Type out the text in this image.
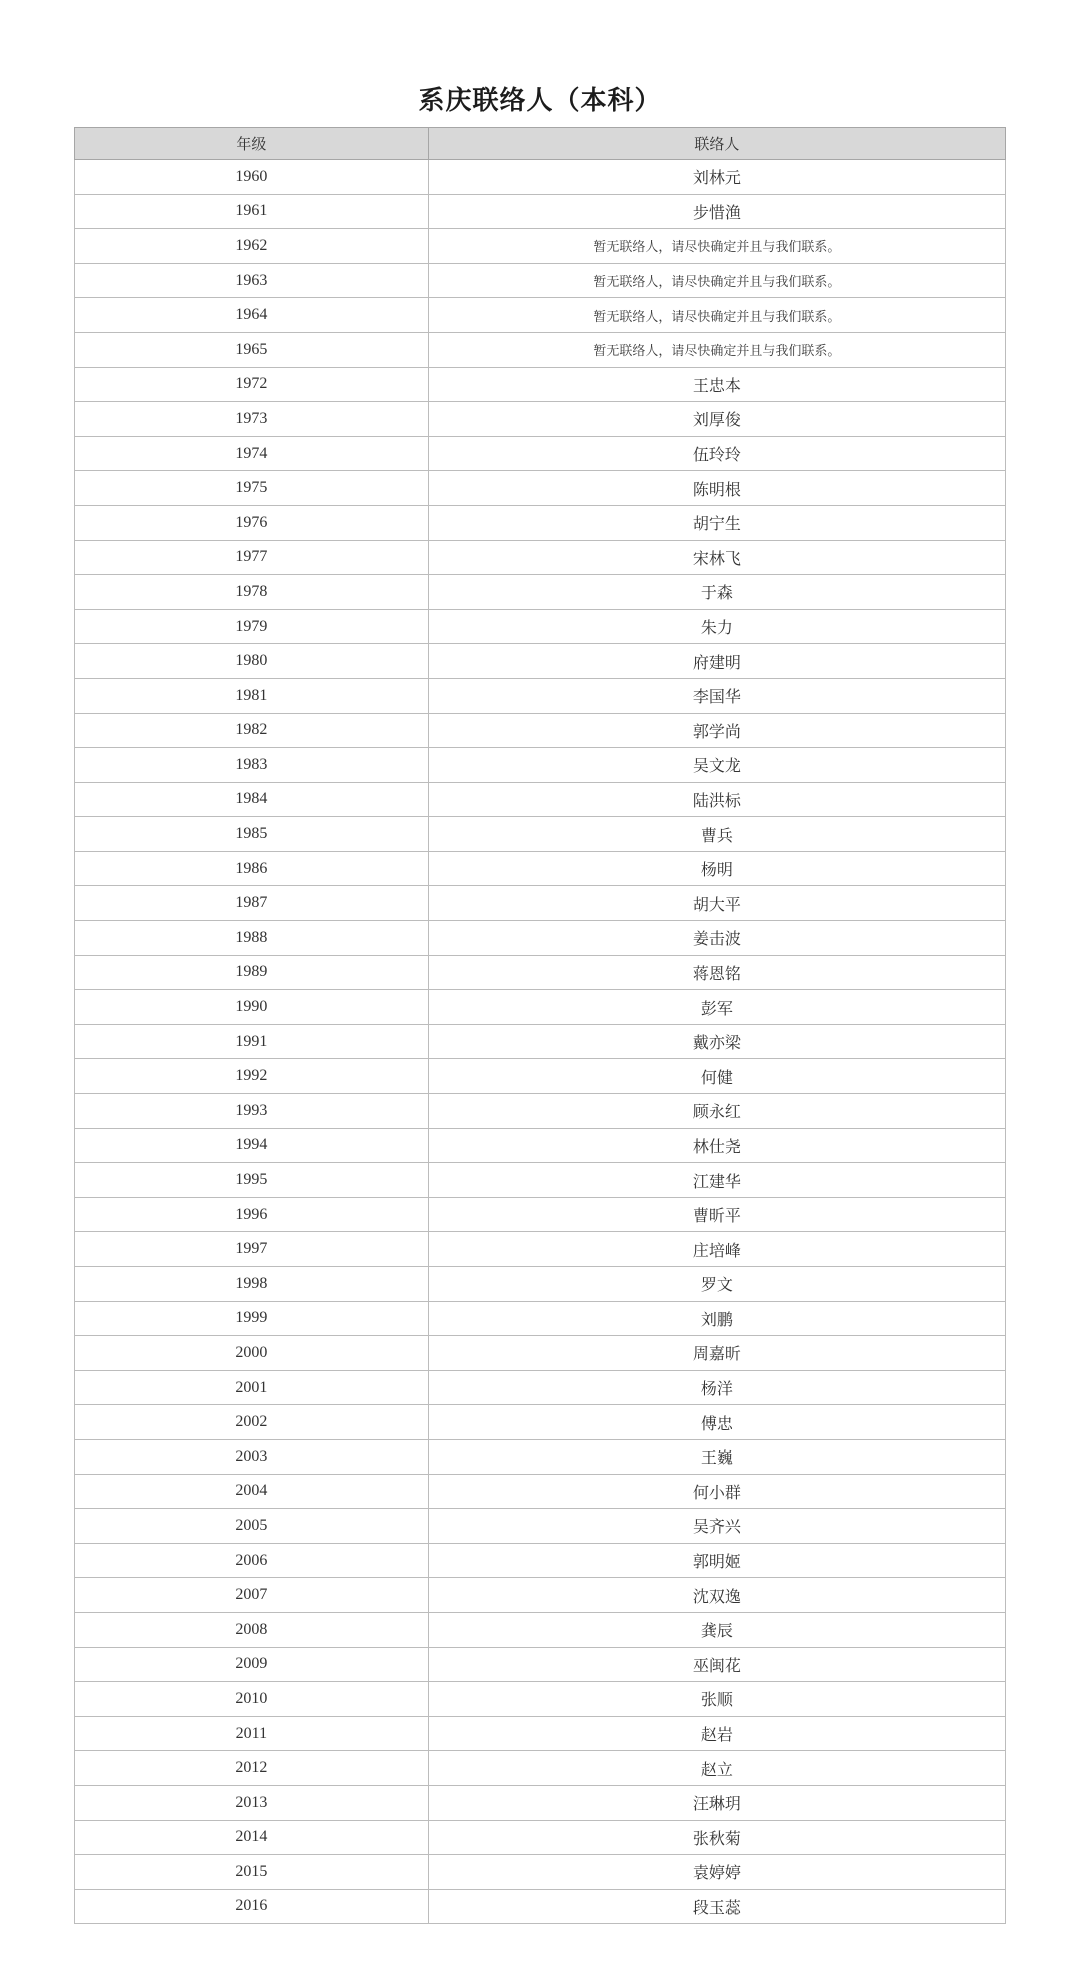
系庆联络人（本科）
年级	联络人
1960	刘林元
1961	步惜渔
1962	暂无联络人，请尽快确定并且与我们联系。
1963	暂无联络人，请尽快确定并且与我们联系。
1964	暂无联络人，请尽快确定并且与我们联系。
1965	暂无联络人，请尽快确定并且与我们联系。
1972	王忠本
1973	刘厚俊
1974	伍玲玲
1975	陈明根
1976	胡宁生
1977	宋林飞
1978	于森
1979	朱力
1980	府建明
1981	李国华
1982	郭学尚
1983	吴文龙
1984	陆洪标
1985	曹兵
1986	杨明
1987	胡大平
1988	姜击波
1989	蒋恩铭
1990	彭军
1991	戴亦梁
1992	何健
1993	顾永红
1994	林仕尧
1995	江建华
1996	曹昕平
1997	庄培峰
1998	罗文
1999	刘鹏
2000	周嘉昕
2001	杨洋
2002	傅忠
2003	王巍
2004	何小群
2005	吴齐兴
2006	郭明姬
2007	沈双逸
2008	龚辰
2009	巫闽花
2010	张顺
2011	赵岩
2012	赵立
2013	汪琳玥
2014	张秋菊
2015	袁婷婷
2016	段玉蕊
